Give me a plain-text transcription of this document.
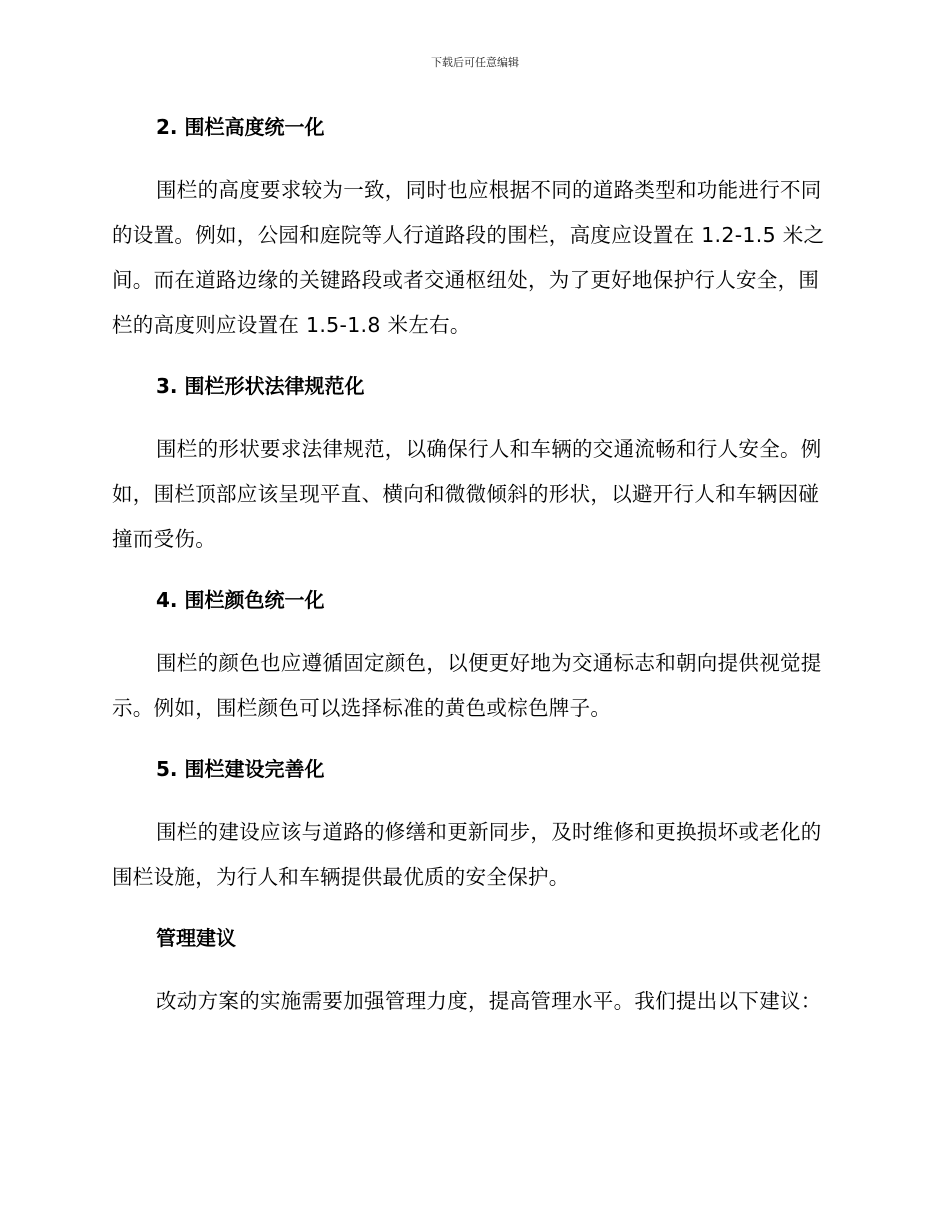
下载后可任意编辑
2. 围栏高度统一化

围栏的高度要求较为一致，同时也应根据不同的道路类型和功能进行不同的设置。例如，公园和庭院等人行道路段的围栏，高度应设置在 1.2-1.5 米之间。而在道路边缘的关键路段或者交通枢纽处，为了更好地保护行人安全，围栏的高度则应设置在 1.5-1.8 米左右。

3. 围栏形状法律规范化

围栏的形状要求法律规范，以确保行人和车辆的交通流畅和行人安全。例如，围栏顶部应该呈现平直、横向和微微倾斜的形状，以避开行人和车辆因碰撞而受伤。

4. 围栏颜色统一化

围栏的颜色也应遵循固定颜色，以便更好地为交通标志和朝向提供视觉提示。例如，围栏颜色可以选择标准的黄色或棕色牌子。

5. 围栏建设完善化

围栏的建设应该与道路的修缮和更新同步，及时维修和更换损坏或老化的围栏设施，为行人和车辆提供最优质的安全保护。

管理建议

改动方案的实施需要加强管理力度，提高管理水平。我们提出以下建议：
